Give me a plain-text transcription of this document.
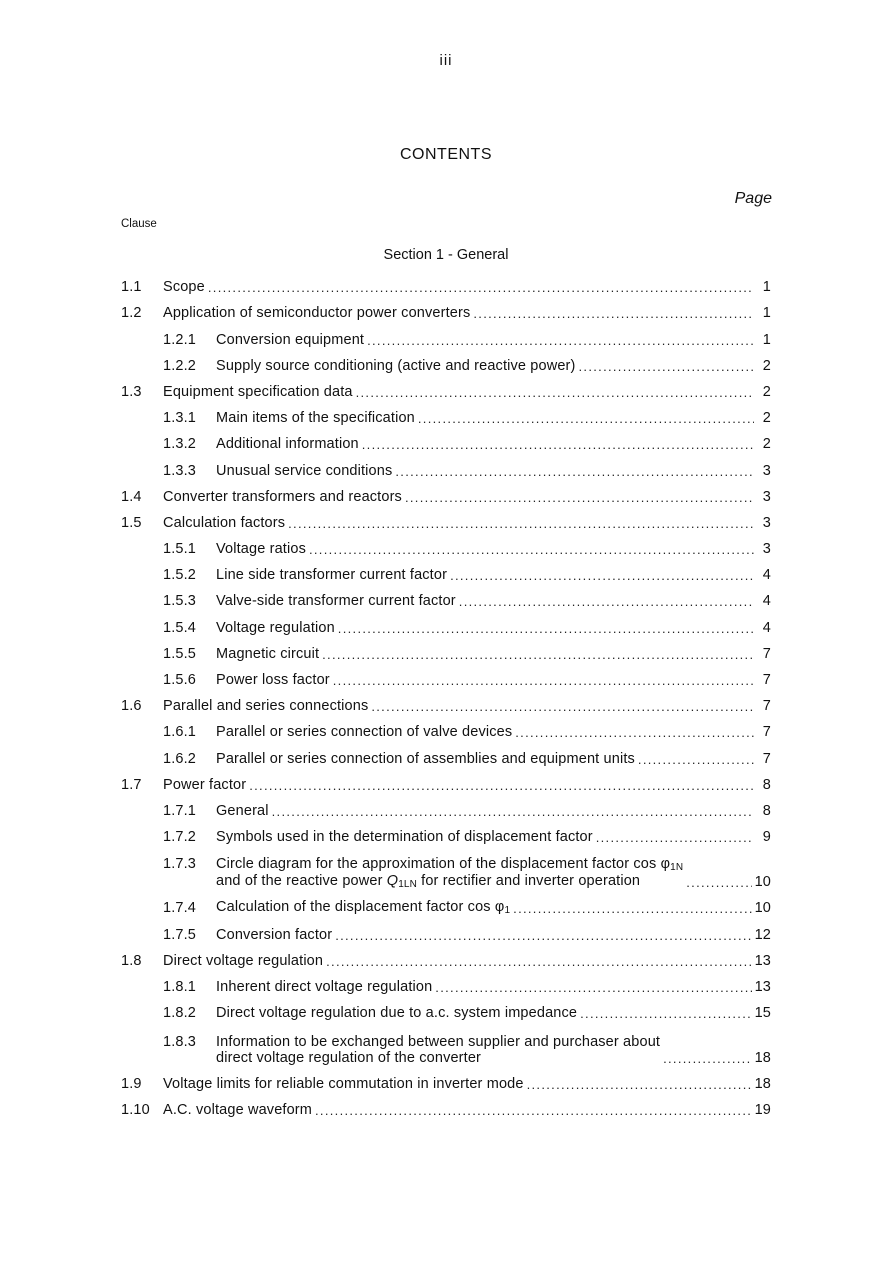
iii
CONTENTS
Page
Clause
Section 1 - General
1.1	Scope .....	1
1.2	Application of semiconductor power converters .....	1
1.2.1	Conversion equipment .....	1
1.2.2	Supply source conditioning (active and reactive power) .....	2
1.3	Equipment specification data .....	2
1.3.1	Main items of the specification .....	2
1.3.2	Additional information .....	2
1.3.3	Unusual service conditions .....	3
1.4	Converter transformers and reactors .....	3
1.5	Calculation factors .....	3
1.5.1	Voltage ratios .....	3
1.5.2	Line side transformer current factor .....	4
1.5.3	Valve-side transformer current factor .....	4
1.5.4	Voltage regulation .....	4
1.5.5	Magnetic circuit .....	7
1.5.6	Power loss factor .....	7
1.6	Parallel and series connections .....	7
1.6.1	Parallel or series connection of valve devices .....	7
1.6.2	Parallel or series connection of assemblies and equipment units .....	7
1.7	Power factor .....	8
1.7.1	General .....	8
1.7.2	Symbols used in the determination of displacement factor .....	9
1.7.3	Circle diagram for the approximation of the displacement factor $\cos \varphi_{1N}$
and of the reactive power $Q_{1LN}$ for rectifier and inverter operation .....	10
1.7.4	Calculation of the displacement factor $\cos \varphi_1$ .....	10
1.7.5	Conversion factor .....	12
1.8	Direct voltage regulation .....	13
1.8.1	Inherent direct voltage regulation .....	13
1.8.2	Direct voltage regulation due to a.c. system impedance .....	15
1.8.3	Information to be exchanged between supplier and purchaser about
direct voltage regulation of the converter .....	18
1.9	Voltage limits for reliable commutation in inverter mode .....	18
1.10 A.C. voltage waveform .....	19
